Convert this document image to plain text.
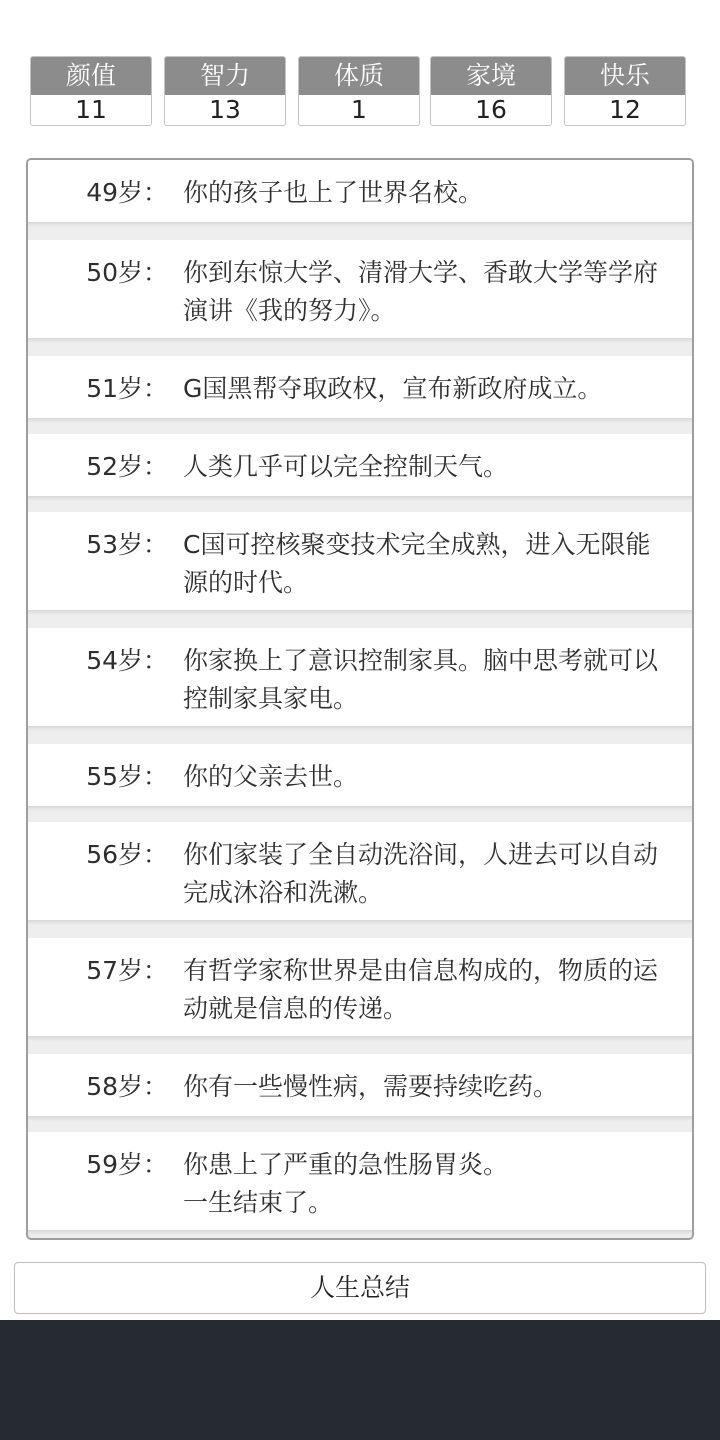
颜值
11
智力
13
体质
1
家境
16
快乐
12
49岁： 你的孩子也上了世界名校。
50岁： 你到东惊大学、清滑大学、香敢大学等学府演讲《我的努力》。
51岁： G国黑帮夺取政权，宣布新政府成立。
52岁： 人类几乎可以完全控制天气。
53岁： C国可控核聚变技术完全成熟，进入无限能源的时代。
54岁： 你家换上了意识控制家具。脑中思考就可以控制家具家电。
55岁： 你的父亲去世。
56岁： 你们家装了全自动洗浴间，人进去可以自动完成沐浴和洗漱。
57岁： 有哲学家称世界是由信息构成的，物质的运动就是信息的传递。
58岁： 你有一些慢性病，需要持续吃药。
59岁： 你患上了严重的急性肠胃炎。
一生结束了。
人生总结
